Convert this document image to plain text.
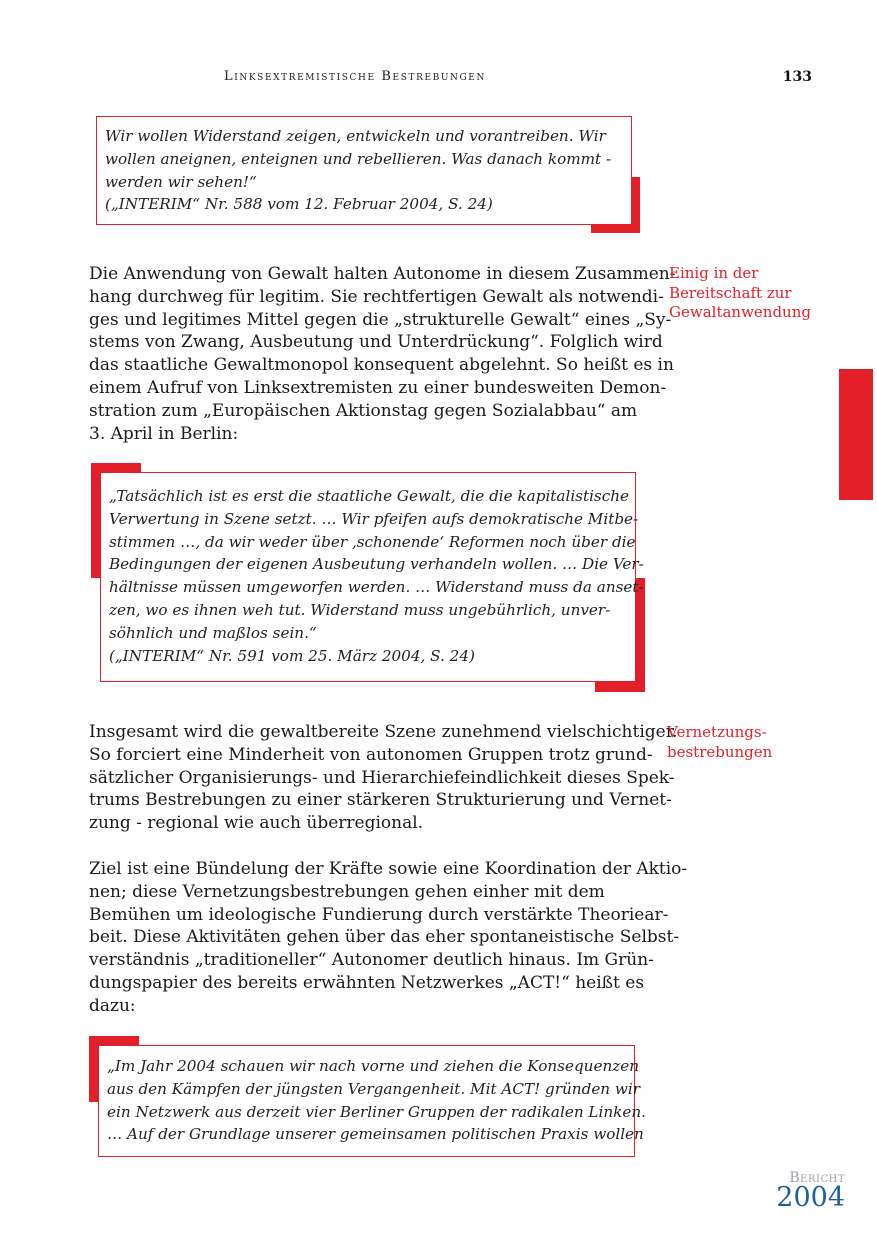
Linksextremistische Bestrebungen	133
Wir wollen Widerstand zeigen, entwickeln und vorantreiben. Wir
wollen aneignen, enteignen und rebellieren. Was danach kommt -
werden wir sehen!“
(„INTERIM“ Nr. 588 vom 12. Februar 2004, S. 24)
Die Anwendung von Gewalt halten Autonome in diesem Zusammen-
hang durchweg für legitim. Sie rechtfertigen Gewalt als notwendi-
ges und legitimes Mittel gegen die „strukturelle Gewalt“ eines „Sy-
stems von Zwang, Ausbeutung und Unterdrückung“. Folglich wird
das staatliche Gewaltmonopol konsequent abgelehnt. So heißt es in
einem Aufruf von Linksextremisten zu einer bundesweiten Demon-
stration zum „Europäischen Aktionstag gegen Sozialabbau“ am
3. April in Berlin:
Einig in der
Bereitschaft zur
Gewaltanwendung
„Tatsächlich ist es erst die staatliche Gewalt, die die kapitalistische
Verwertung in Szene setzt. … Wir pfeifen aufs demokratische Mitbe-
stimmen …, da wir weder über ‚schonende‘ Reformen noch über die
Bedingungen der eigenen Ausbeutung verhandeln wollen. … Die Ver-
hältnisse müssen umgeworfen werden. … Widerstand muss da anset-
zen, wo es ihnen weh tut. Widerstand muss ungebührlich, unver-
söhnlich und maßlos sein.“
(„INTERIM“ Nr. 591 vom 25. März 2004, S. 24)
Insgesamt wird die gewaltbereite Szene zunehmend vielschichtiger.
So forciert eine Minderheit von autonomen Gruppen trotz grund-
sätzlicher Organisierungs- und Hierarchiefeindlichkeit dieses Spek-
trums Bestrebungen zu einer stärkeren Strukturierung und Vernet-
zung - regional wie auch überregional.
Vernetzungs-
bestrebungen
Ziel ist eine Bündelung der Kräfte sowie eine Koordination der Aktio-
nen; diese Vernetzungsbestrebungen gehen einher mit dem
Bemühen um ideologische Fundierung durch verstärkte Theoriear-
beit. Diese Aktivitäten gehen über das eher spontaneistische Selbst-
verständnis „traditioneller“ Autonomer deutlich hinaus. Im Grün-
dungspapier des bereits erwähnten Netzwerkes „ACT!“ heißt es
dazu:
„Im Jahr 2004 schauen wir nach vorne und ziehen die Konsequenzen
aus den Kämpfen der jüngsten Vergangenheit. Mit ACT! gründen wir
ein Netzwerk aus derzeit vier Berliner Gruppen der radikalen Linken.
… Auf der Grundlage unserer gemeinsamen politischen Praxis wollen
Bericht
2004
